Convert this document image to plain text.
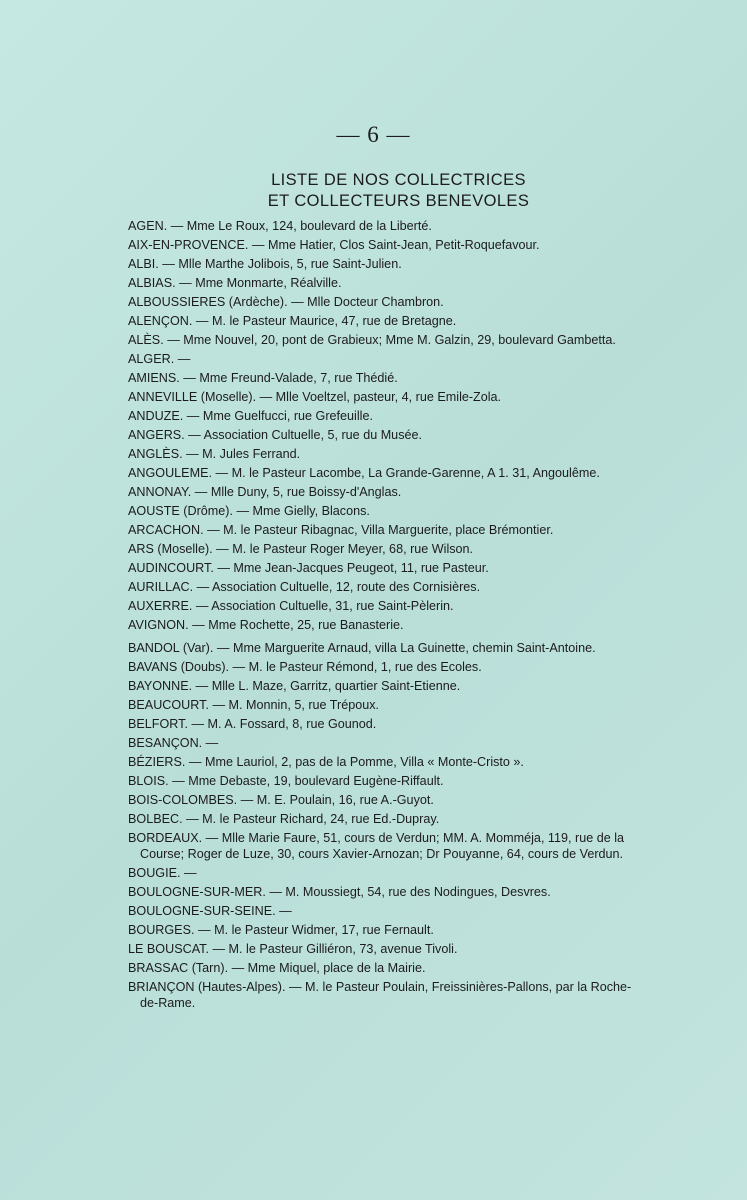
— 6 —
LISTE DE NOS COLLECTRICES
ET COLLECTEURS BENEVOLES
AGEN. — Mme Le Roux, 124, boulevard de la Liberté.
AIX-EN-PROVENCE. — Mme Hatier, Clos Saint-Jean, Petit-Roquefavour.
ALBI. — Mlle Marthe Jolibois, 5, rue Saint-Julien.
ALBIAS. — Mme Monmarte, Réalville.
ALBOUSSIERES (Ardèche). — Mlle Docteur Chambron.
ALENÇON. — M. le Pasteur Maurice, 47, rue de Bretagne.
ALÈS. — Mme Nouvel, 20, pont de Grabieux; Mme M. Galzin, 29, boulevard Gambetta.
ALGER. —
AMIENS. — Mme Freund-Valade, 7, rue Thédié.
ANNEVILLE (Moselle). — Mlle Voeltzel, pasteur, 4, rue Emile-Zola.
ANDUZE. — Mme Guelfucci, rue Grefeuille.
ANGERS. — Association Cultuelle, 5, rue du Musée.
ANGLÈS. — M. Jules Ferrand.
ANGOULEME. — M. le Pasteur Lacombe, La Grande-Garenne, A 1. 31, Angoulême.
ANNONAY. — Mlle Duny, 5, rue Boissy-d'Anglas.
AOUSTE (Drôme). — Mme Gielly, Blacons.
ARCACHON. — M. le Pasteur Ribagnac, Villa Marguerite, place Brémontier.
ARS (Moselle). — M. le Pasteur Roger Meyer, 68, rue Wilson.
AUDINCOURT. — Mme Jean-Jacques Peugeot, 11, rue Pasteur.
AURILLAC. — Association Cultuelle, 12, route des Cornisières.
AUXERRE. — Association Cultuelle, 31, rue Saint-Pèlerin.
AVIGNON. — Mme Rochette, 25, rue Banasterie.
BANDOL (Var). — Mme Marguerite Arnaud, villa La Guinette, chemin Saint-Antoine.
BAVANS (Doubs). — M. le Pasteur Rémond, 1, rue des Ecoles.
BAYONNE. — Mlle L. Maze, Garritz, quartier Saint-Etienne.
BEAUCOURT. — M. Monnin, 5, rue Trépoux.
BELFORT. — M. A. Fossard, 8, rue Gounod.
BESANÇON. —
BÉZIERS. — Mme Lauriol, 2, pas de la Pomme, Villa « Monte-Cristo ».
BLOIS. — Mme Debaste, 19, boulevard Eugène-Riffault.
BOIS-COLOMBES. — M. E. Poulain, 16, rue A.-Guyot.
BOLBEC. — M. le Pasteur Richard, 24, rue Ed.-Dupray.
BORDEAUX. — Mlle Marie Faure, 51, cours de Verdun; MM. A. Momméja, 119, rue de la Course; Roger de Luze, 30, cours Xavier-Arnozan; Dr Pouyanne, 64, cours de Verdun.
BOUGIE. —
BOULOGNE-SUR-MER. — M. Moussiegt, 54, rue des Nodingues, Desvres.
BOULOGNE-SUR-SEINE. —
BOURGES. — M. le Pasteur Widmer, 17, rue Fernault.
LE BOUSCAT. — M. le Pasteur Gilliéron, 73, avenue Tivoli.
BRASSAC (Tarn). — Mme Miquel, place de la Mairie.
BRIANÇON (Hautes-Alpes). — M. le Pasteur Poulain, Freissinières-Pallons, par la Roche-de-Rame.
